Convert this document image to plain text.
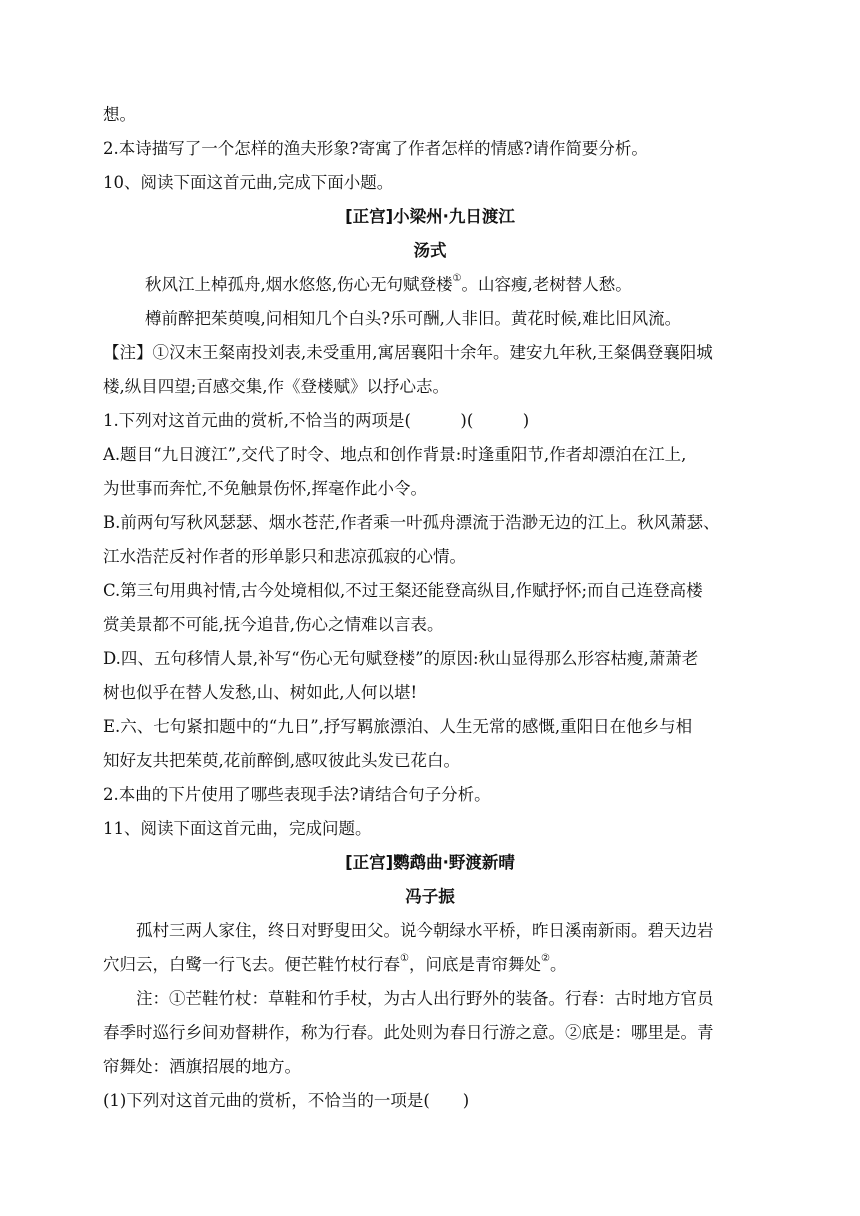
想。
2.本诗描写了一个怎样的渔夫形象?寄寓了作者怎样的情感?请作简要分析。
10、阅读下面这首元曲,完成下面小题。
[正宫]小梁州·九日渡江
汤式
秋风江上棹孤舟,烟水悠悠,伤心无句赋登楼①。山容瘦,老树替人愁。
樽前醉把茱萸嗅,问相知几个白头?乐可酬,人非旧。黄花时候,难比旧风流。
【注】①汉末王粲南投刘表,未受重用,寓居襄阳十余年。建安九年秋,王粲偶登襄阳城
楼,纵目四望;百感交集,作《登楼赋》以抒心志。
1.下列对这首元曲的赏析,不恰当的两项是(　　　)(　　　)
A.题目“九日渡江”,交代了时令、地点和创作背景:时逢重阳节,作者却漂泊在江上,
为世事而奔忙,不免触景伤怀,挥毫作此小令。
B.前两句写秋风瑟瑟、烟水苍茫,作者乘一叶孤舟漂流于浩渺无边的江上。秋风萧瑟、
江水浩茫反衬作者的形单影只和悲凉孤寂的心情。
C.第三句用典衬情,古今处境相似,不过王粲还能登高纵目,作赋抒怀;而自己连登高楼
赏美景都不可能,抚今追昔,伤心之情难以言表。
D.四、五句移情人景,补写“伤心无句赋登楼”的原因:秋山显得那么形容枯瘦,萧萧老
树也似乎在替人发愁,山、树如此,人何以堪!
E.六、七句紧扣题中的“九日”,抒写羁旅漂泊、人生无常的感慨,重阳日在他乡与相
知好友共把茱萸,花前醉倒,感叹彼此头发已花白。
2.本曲的下片使用了哪些表现手法?请结合句子分析。
11、阅读下面这首元曲，完成问题。
[正宫]鹦鹉曲·野渡新晴
冯子振
孤村三两人家住，终日对野叟田父。说今朝绿水平桥，昨日溪南新雨。碧天边岩
穴归云，白鹭一行飞去。便芒鞋竹杖行春①，问底是青帘舞处②。
注：①芒鞋竹杖：草鞋和竹手杖，为古人出行野外的装备。行春：古时地方官员
春季时巡行乡间劝督耕作，称为行春。此处则为春日行游之意。②底是：哪里是。青
帘舞处：酒旗招展的地方。
(1)下列对这首元曲的赏析，不恰当的一项是(　　)
